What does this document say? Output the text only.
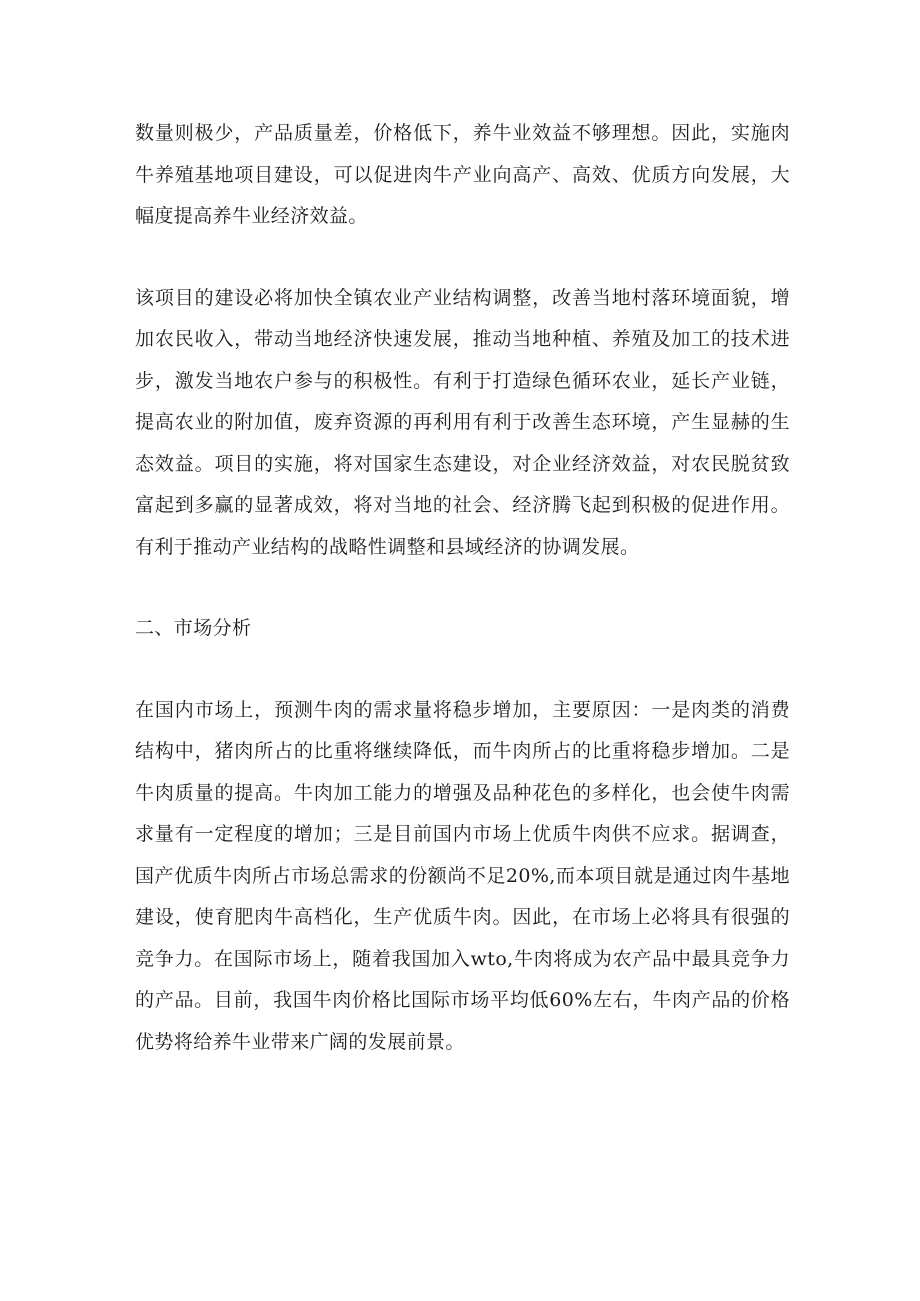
数量则极少，产品质量差，价格低下，养牛业效益不够理想。因此，实施肉牛养殖基地项目建设，可以促进肉牛产业向高产、高效、优质方向发展，大幅度提高养牛业经济效益。

该项目的建设必将加快全镇农业产业结构调整，改善当地村落环境面貌，增加农民收入，带动当地经济快速发展，推动当地种植、养殖及加工的技术进步，激发当地农户参与的积极性。有利于打造绿色循环农业，延长产业链，提高农业的附加值，废弃资源的再利用有利于改善生态环境，产生显赫的生态效益。项目的实施，将对国家生态建设，对企业经济效益，对农民脱贫致富起到多赢的显著成效，将对当地的社会、经济腾飞起到积极的促进作用。有利于推动产业结构的战略性调整和县域经济的协调发展。

二、市场分析

在国内市场上，预测牛肉的需求量将稳步增加，主要原因：一是肉类的消费结构中，猪肉所占的比重将继续降低，而牛肉所占的比重将稳步增加。二是牛肉质量的提高。牛肉加工能力的增强及品种花色的多样化，也会使牛肉需求量有一定程度的增加；三是目前国内市场上优质牛肉供不应求。据调查，国产优质牛肉所占市场总需求的份额尚不足20%,而本项目就是通过肉牛基地建设，使育肥肉牛高档化，生产优质牛肉。因此，在市场上必将具有很强的竞争力。在国际市场上，随着我国加入wto,牛肉将成为农产品中最具竞争力的产品。目前，我国牛肉价格比国际市场平均低60%左右，牛肉产品的价格优势将给养牛业带来广阔的发展前景。
